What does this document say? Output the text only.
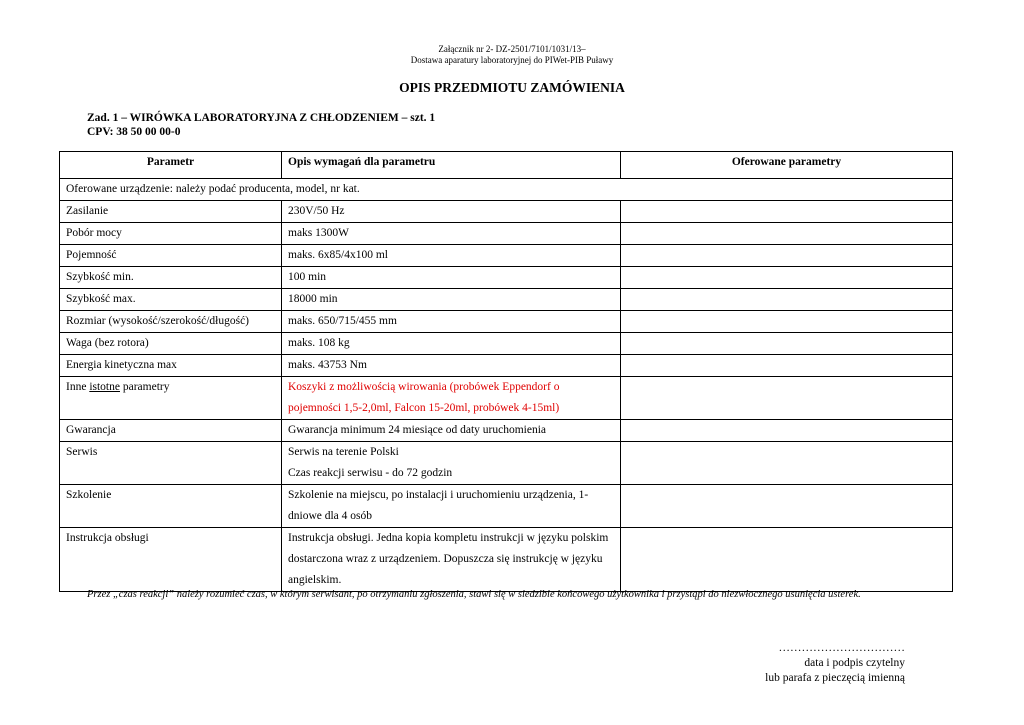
Załącznik nr 2- DZ-2501/7101/1031/13–
Dostawa aparatury laboratoryjnej do PIWet-PIB Puławy
OPIS PRZEDMIOTU ZAMÓWIENIA
Zad. 1 – WIRÓWKA LABORATORYJNA Z CHŁODZENIEM – szt. 1
CPV: 38 50 00 00-0
Parametr	Opis wymagań dla parametru	Oferowane parametry
Oferowane urządzenie: należy podać producenta, model, nr kat.		
Zasilanie	230V/50 Hz	
Pobór mocy	maks 1300W	
Pojemność	maks. 6x85/4x100 ml	
Szybkość min.	100 min	
Szybkość max.	18000 min	
Rozmiar (wysokość/szerokość/długość)	maks. 650/715/455 mm	
Waga (bez rotora)	maks. 108 kg	
Energia kinetyczna max	maks. 43753 Nm	
Inne istotne parametry	Koszyki z możliwością wirowania (probówek Eppendorf o pojemności 1,5-2,0ml, Falcon 15-20ml, probówek 4-15ml)	
Gwarancja	Gwarancja minimum 24 miesiące od daty uruchomienia	
Serwis	Serwis na terenie Polski
Czas reakcji serwisu - do 72 godzin	

Szkolenie	Szkolenie na miejscu, po instalacji i uruchomieniu urządzenia, 1-dniowe dla 4 osób	
Instrukcja obsługi	Instrukcja obsługi. Jedna kopia kompletu instrukcji w języku polskim dostarczona wraz z urządzeniem. Dopuszcza się instrukcję w języku angielskim.	
Przez „czas reakcji” należy rozumieć czas, w którym serwisant, po otrzymaniu zgłoszenia, stawi się w siedzibie końcowego użytkownika i przystąpi do niezwłocznego usunięcia usterek.
……………………………
data i podpis czytelny
lub parafa z pieczęcią imienną
